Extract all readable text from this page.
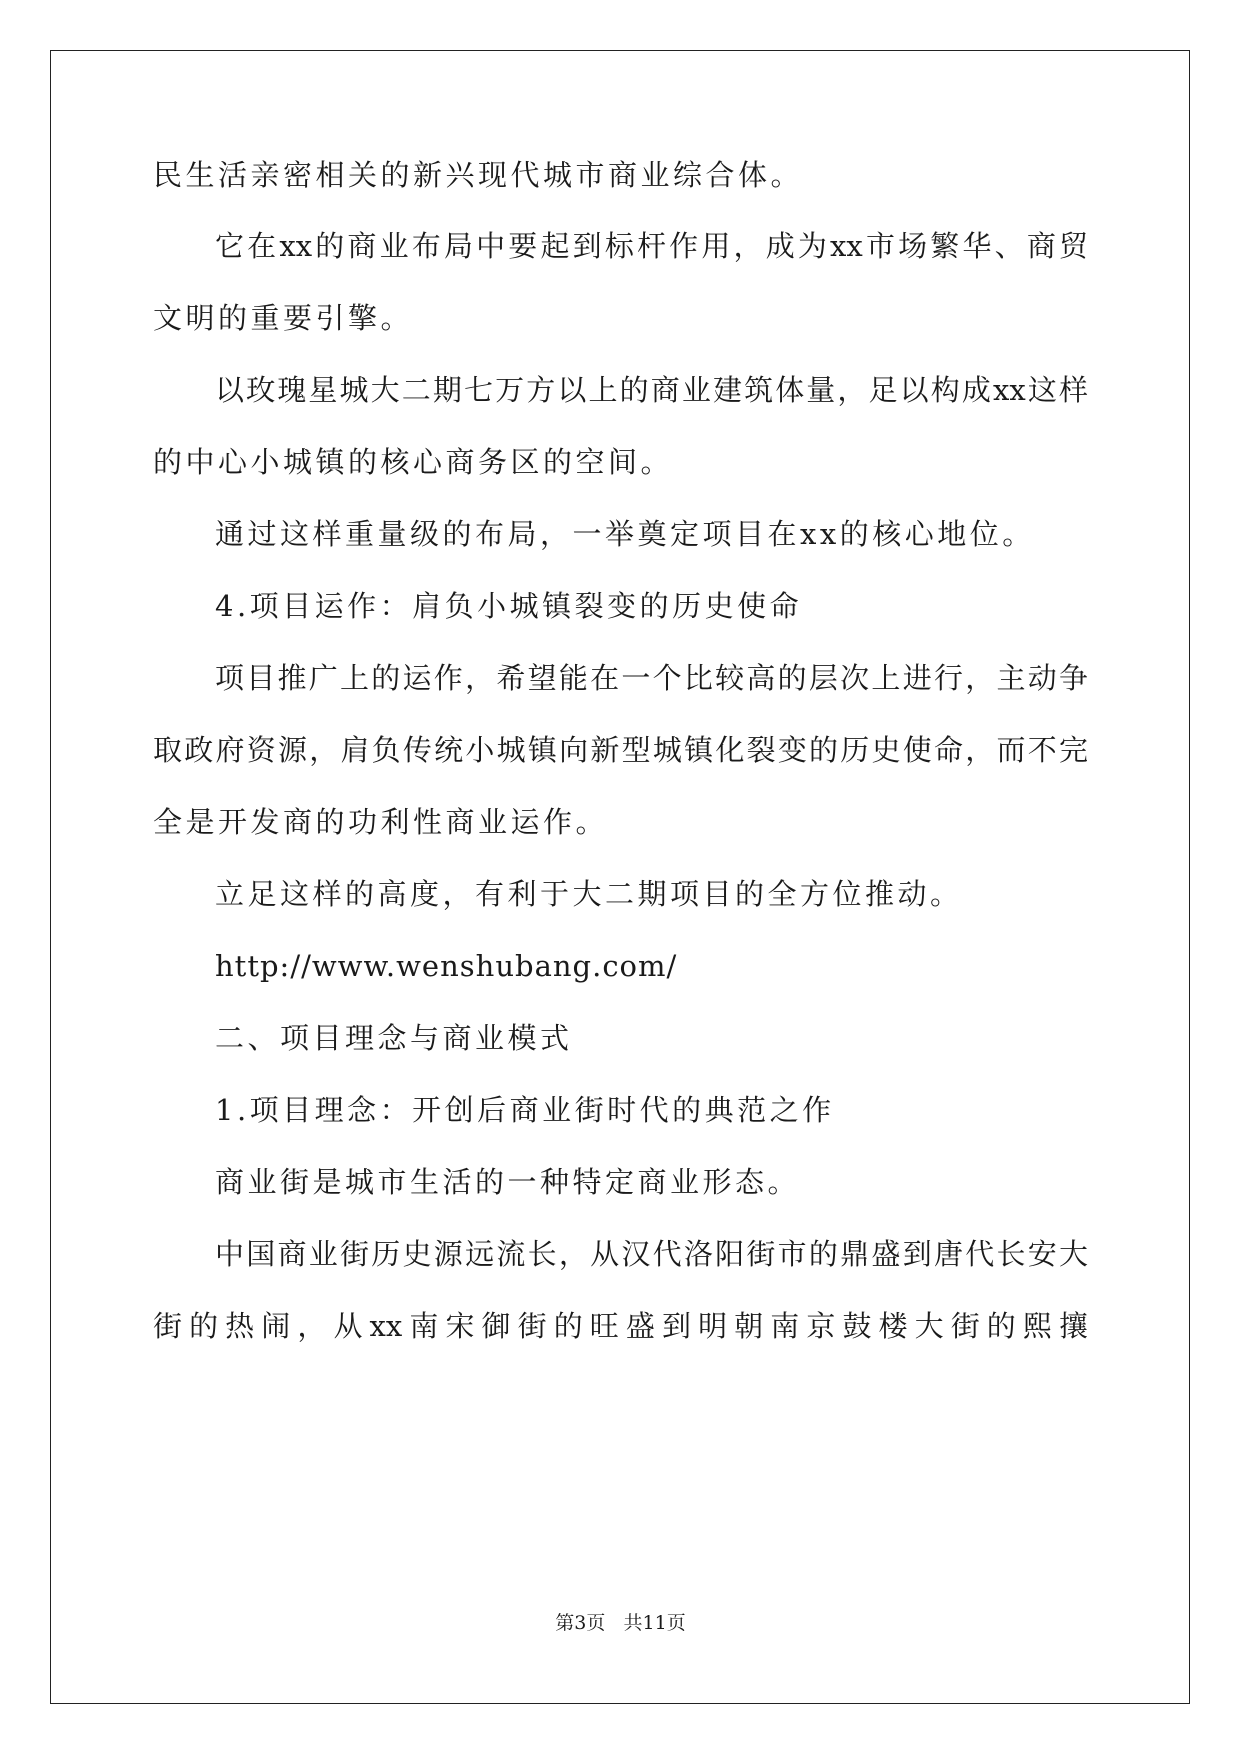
民生活亲密相关的新兴现代城市商业综合体。
它在xx的商业布局中要起到标杆作用，成为xx市场繁华、商贸
文明的重要引擎。
以玫瑰星城大二期七万方以上的商业建筑体量，足以构成xx这样
的中心小城镇的核心商务区的空间。
通过这样重量级的布局，一举奠定项目在xx的核心地位。
4.项目运作：肩负小城镇裂变的历史使命
项目推广上的运作，希望能在一个比较高的层次上进行，主动争
取政府资源，肩负传统小城镇向新型城镇化裂变的历史使命，而不完
全是开发商的功利性商业运作。
立足这样的高度，有利于大二期项目的全方位推动。
http://www.wenshubang.com/
二、项目理念与商业模式
1.项目理念：开创后商业街时代的典范之作
商业街是城市生活的一种特定商业形态。
中国商业街历史源远流长，从汉代洛阳街市的鼎盛到唐代长安大
街的热闹，从xx南宋御街的旺盛到明朝南京鼓楼大街的熙攘
第3页 共11页
